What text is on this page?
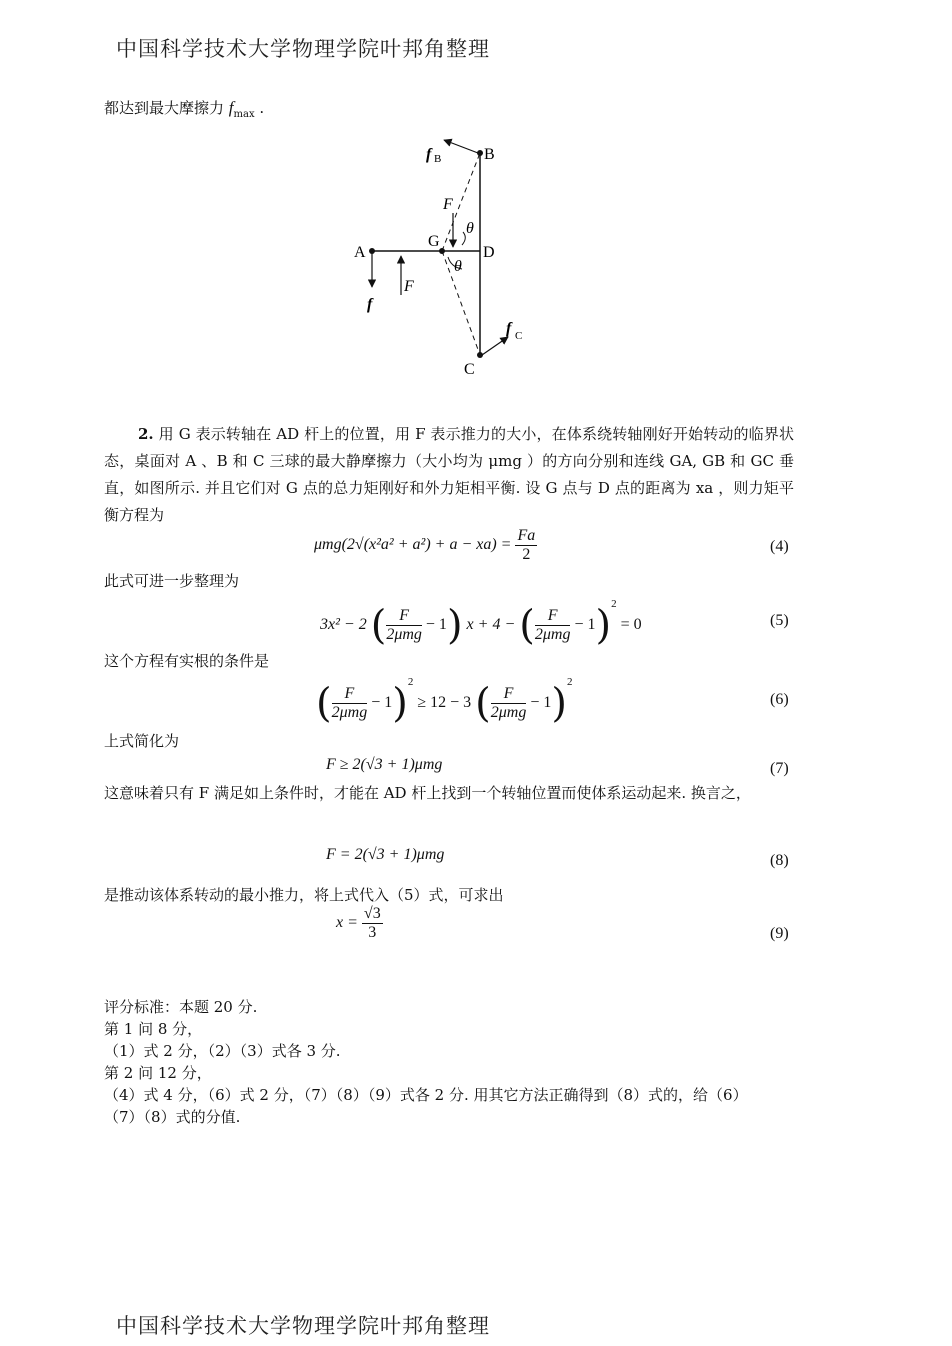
中国科学技术大学物理学院叶邦角整理
都达到最大摩擦力 $f_{max}$ .
A
B
C
D
G
F
F
θ
θ
f
f B
f C
2. 用 G 表示转轴在 AD 杆上的位置，用 F 表示推力的大小，在体系绕转轴刚好开始转动的临界状态，桌面对 A 、B 和 C 三球的最大静摩擦力（大小均为 μmg ）的方向分别和连线 GA, GB 和 GC 垂直，如图所示. 并且它们对 G 点的总力矩刚好和外力矩相平衡. 设 G 点与 D 点的距离为 xa ，则力矩平衡方程为
$\mu mg(2√(x^2a^2 + a^2) + a - xa) = \frac{Fa}{2}$	(4)
此式可进一步整理为
3x² − 2 ( $\frac{F}{\text{2μmg}} - 1$) x + 4 − ( $\frac{F}{\text{2μmg}} - 1)^2 = 0$	(5)
这个方程有实根的条件是
( $\frac{F}{\text{2μmg}} - 1)^2 \ge 12 - 3$ ( $\frac{F}{\text{2μmg}} - 1)^2$
(6)
上式简化为
F ≥ 2(√3 + 1)μmg	(7)
这意味着只有 F 满足如上条件时，才能在 AD 杆上找到一个转轴位置而使体系运动起来. 换言之，
F = 2(√3 + 1)μmg	(8)
是推动该体系转动的最小推力，将上式代入（5）式，可求出
$x = \frac{√3}{3}$	(9)
评分标准：本题 20 分.
第 1 问 8 分，
（1）式 2 分，（2）（3）式各 3 分.
第 2 问 12 分，
（4）式 4 分，（6）式 2 分，（7）（8）（9）式各 2 分. 用其它方法正确得到（8）式的，给（6）
（7）（8）式的分值.
中国科学技术大学物理学院叶邦角整理
